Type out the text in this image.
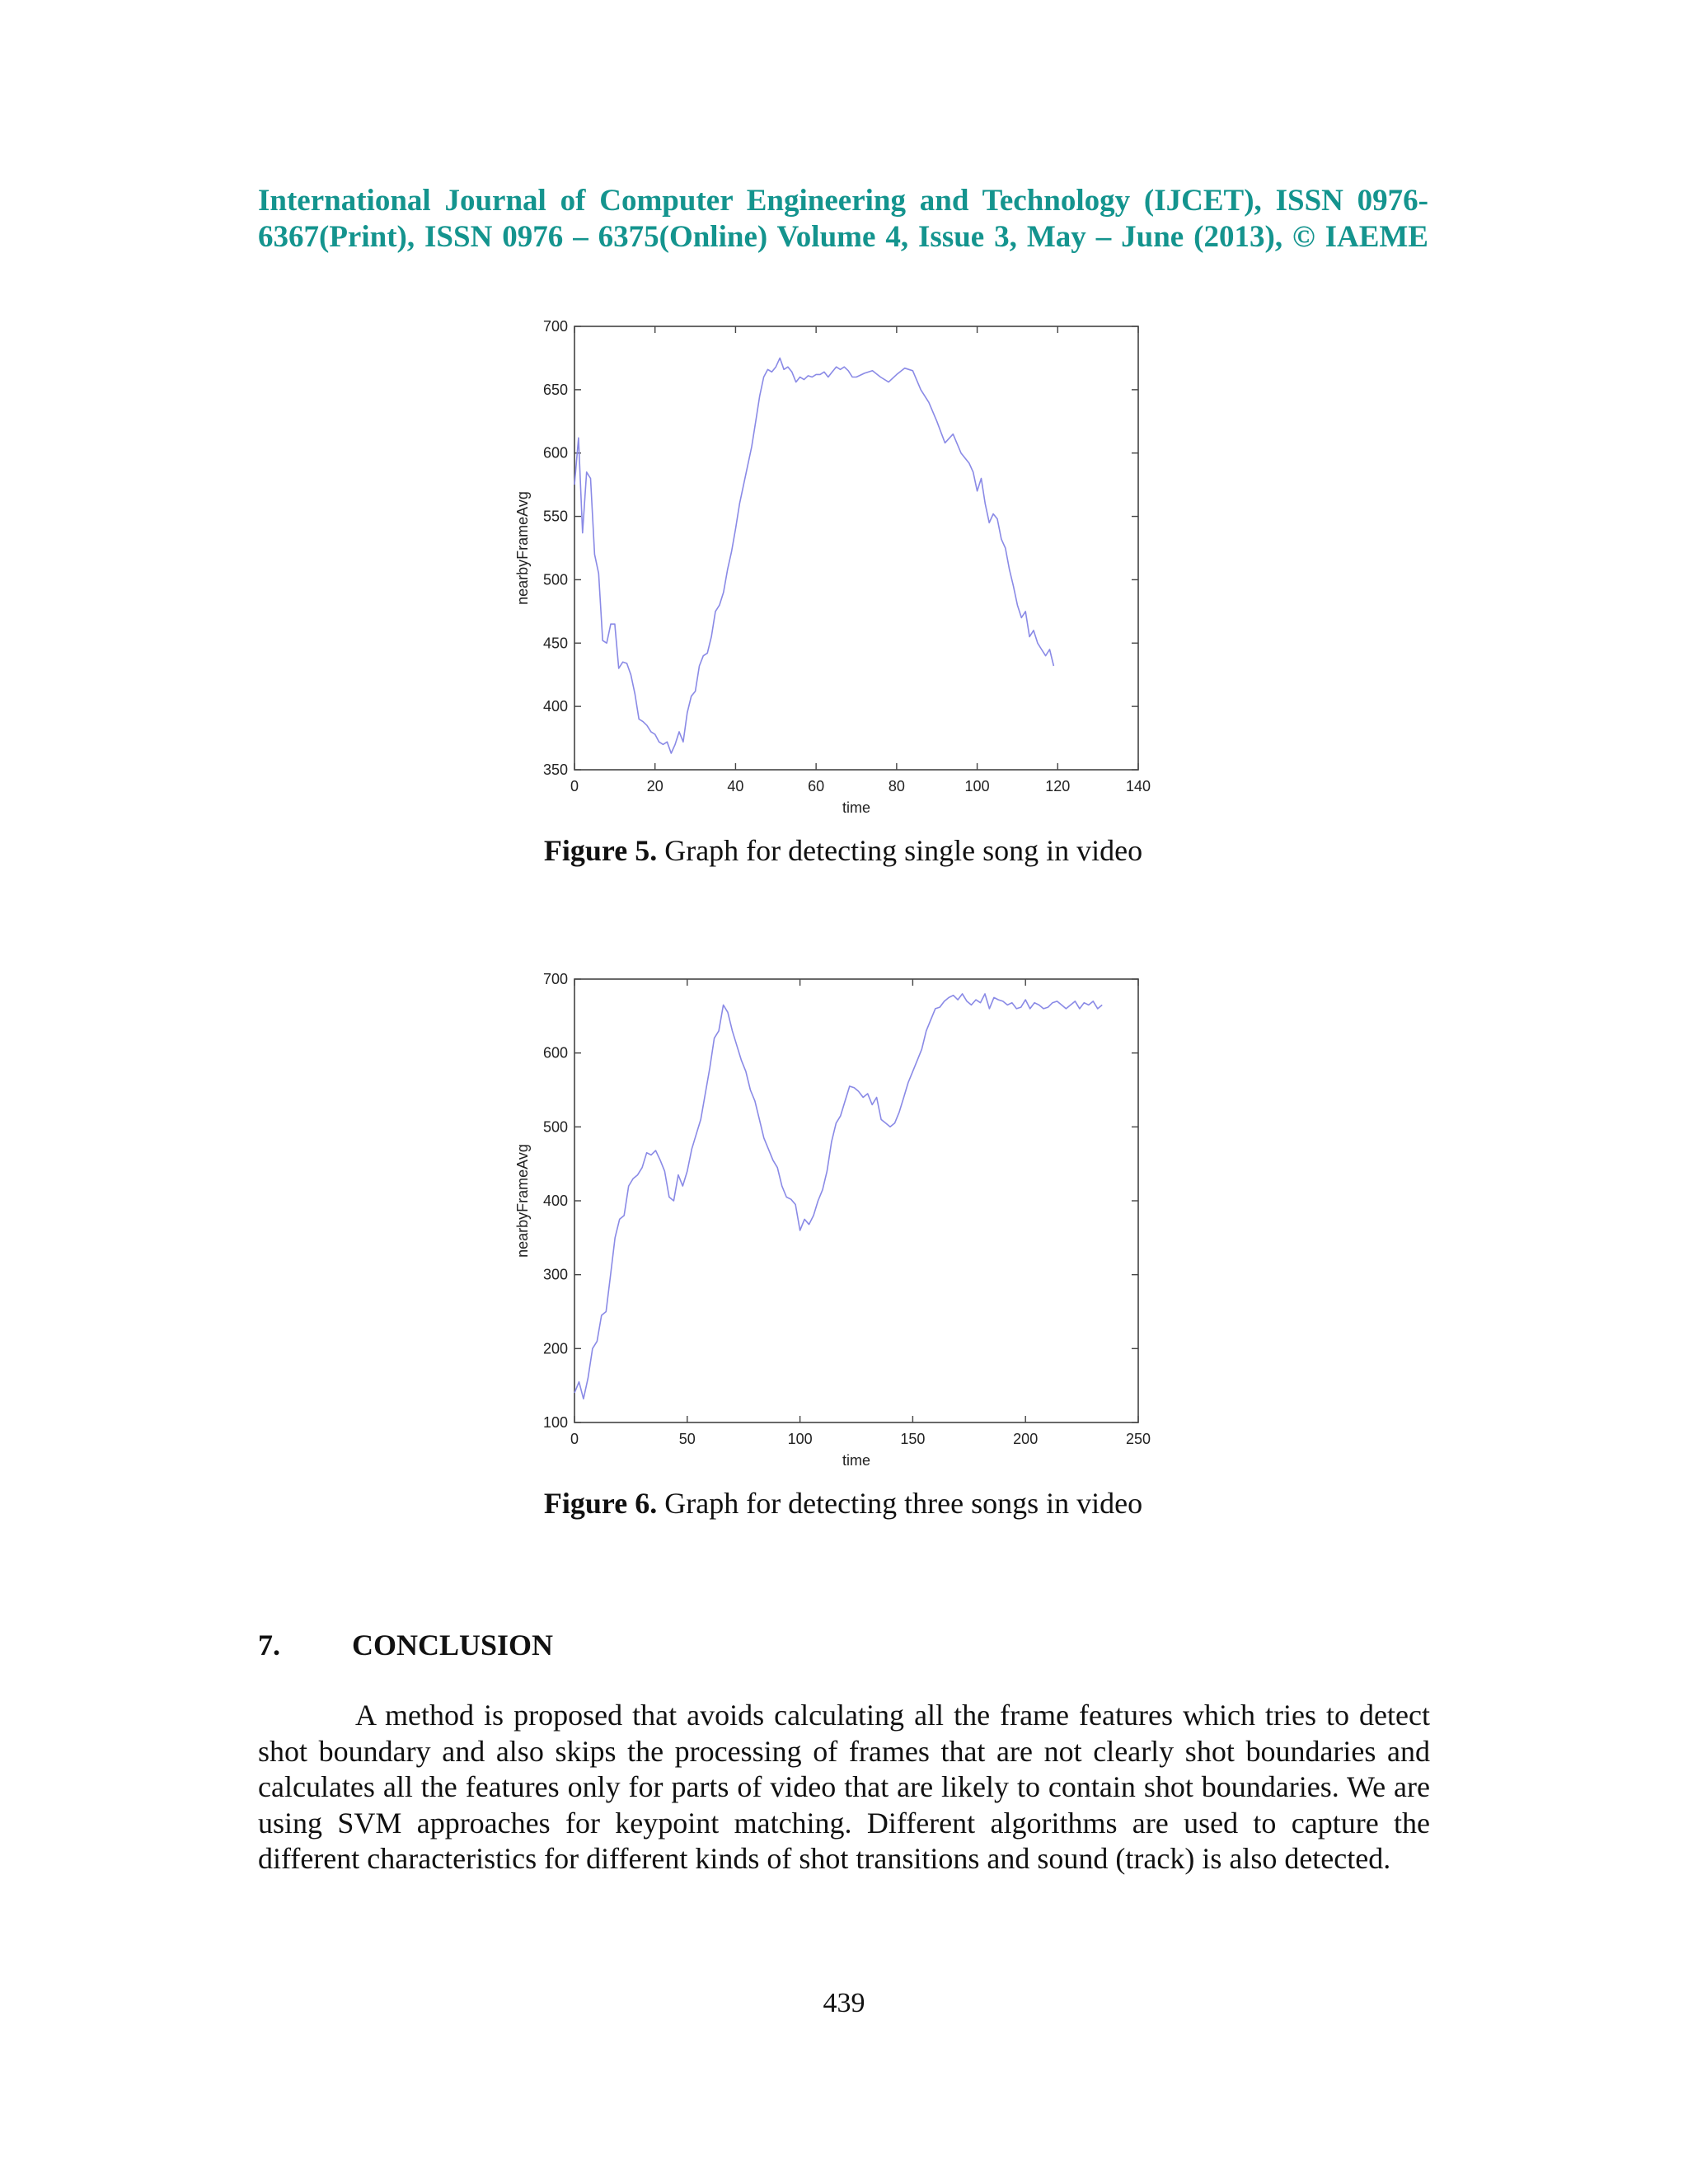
International Journal of Computer Engineering and Technology (IJCET), ISSN 0976-
6367(Print), ISSN 0976 – 6375(Online) Volume 4, Issue 3, May – June (2013), © IAEME
0	20	40	60	80	100	120	140
350
400
450
500
550
600
650
700
time
nearbyFrameAvg
Figure 5. Graph for detecting single song in video
0	50	100	150	200	250
100
200
300
400
500
600
700
time
nearbyFrameAvg
Figure 6. Graph for detecting three songs in video
7. CONCLUSION
A method is proposed that avoids calculating all the frame features which tries to detect shot boundary and also skips the processing of frames that are not clearly shot boundaries and calculates all the features only for parts of video that are likely to contain shot boundaries. We are using SVM approaches for keypoint matching. Different algorithms are used to capture the different characteristics for different kinds of shot transitions and sound (track) is also detected.
439
